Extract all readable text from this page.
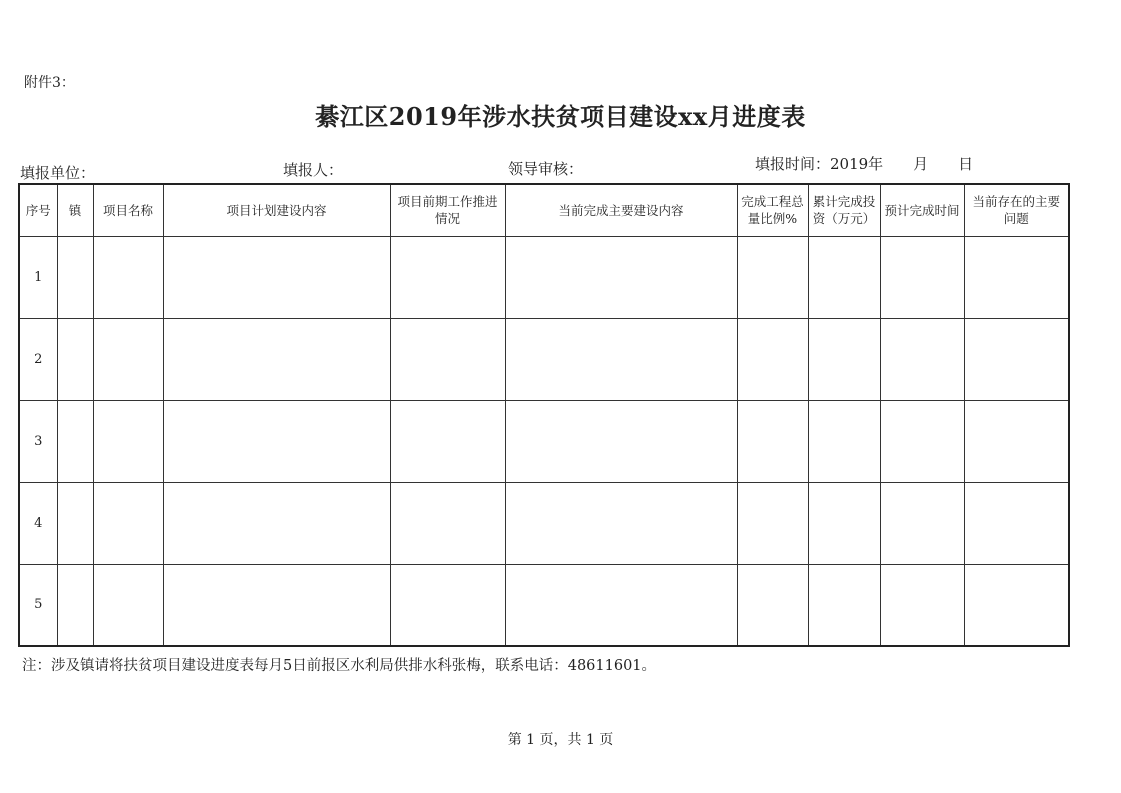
附件3：
綦江区2019年涉水扶贫项目建设xx月进度表
填报单位：	填报人：	领导审核：	填报时间：2019年　　月　　日
序号	镇	项目名称	项目计划建设内容	项目前期工作推进情况	当前完成主要建设内容	完成工程总量比例%	累计完成投资（万元）	预计完成时间	当前存在的主要问题
1									
2									
3									
4									
5									
注：涉及镇请将扶贫项目建设进度表每月5日前报区水利局供排水科张梅，联系电话：48611601。
第 1 页，共 1 页
